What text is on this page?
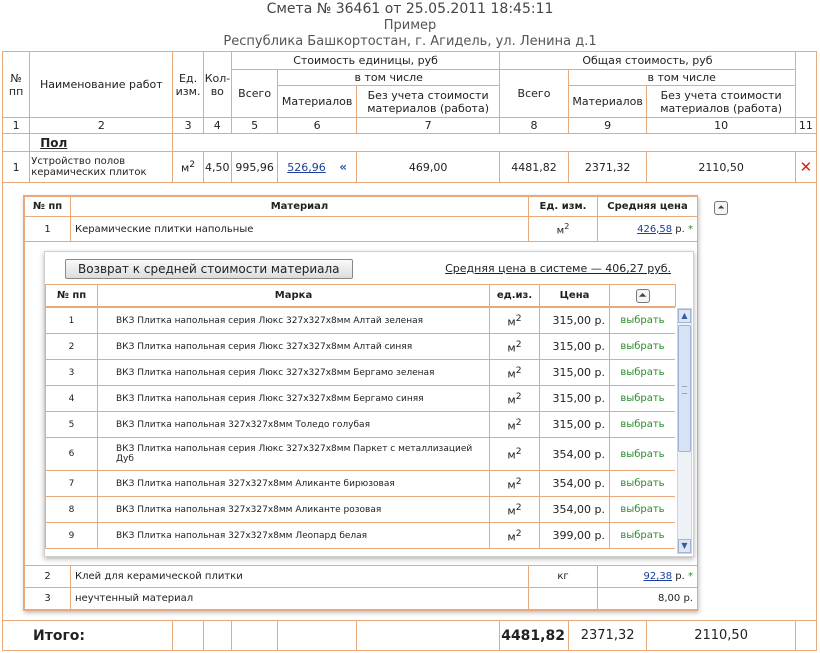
Смета № 36461 от 25.05.2011 18:45:11
Пример
Республика Башкортостан, г. Агидель, ул. Ленина д.1
№ пп	Наименование работ	Ед. изм.	Кол-во	Стоимость единицы, руб			Общая стоимость, руб			
				Всего	в том числе		Всего	в том числе		
					Материалов	Без учета стоимости материалов (работа)		Материалов	Без учета стоимости материалов (работа)	
1	2	3	4	5	6	7	8	9	10	11
	Пол									
1	Устройство полов керамических плиток	$м^2$	4,50	995,96	526,96 «	469,00	4481,82	2371,32	2110,50	✕

Итого:							4481,82	2371,32	2110,50	
⏶
№ пп	Материал	Ед. изм.	Средняя цена
1	Керамические плитки напольные	$м^2$	426,58 р. *

2	Клей для керамической плитки	кг	92,38 р. *
3	неучтенный материал		8,00 р.
Возврат к средней стоимости материала	Средняя цена в системе — 406,27 руб.
№ пп	Марка	ед.из.	Цена	⏶
1	ВКЗ Плитка напольная серия Люкс 327х327х8мм Алтай зеленая	$м^2$	315,00 р.	выбрать
2	ВКЗ Плитка напольная серия Люкс 327х327х8мм Алтай синяя	$м^2$	315,00 р.	выбрать
3	ВКЗ Плитка напольная серия Люкс 327х327х8мм Бергамо зеленая	$м^2$	315,00 р.	выбрать
4	ВКЗ Плитка напольная серия Люкс 327х327х8мм Бергамо синяя	$м^2$	315,00 р.	выбрать
5	ВКЗ Плитка напольная 327х327х8мм Толедо голубая	$м^2$	315,00 р.	выбрать
6	ВКЗ Плитка напольная серия Люкс 327х327х8мм Паркет с металлизацией Дуб	$м^2$	354,00 р.	выбрать
7	ВКЗ Плитка напольная 327х327х8мм Аликанте бирюзовая	$м^2$	354,00 р.	выбрать
8	ВКЗ Плитка напольная 327х327х8мм Аликанте розовая	$м^2$	354,00 р.	выбрать
9	ВКЗ Плитка напольная 327х327х8мм Леопард белая	$м^2$	399,00 р.	выбрать
▲
▼
